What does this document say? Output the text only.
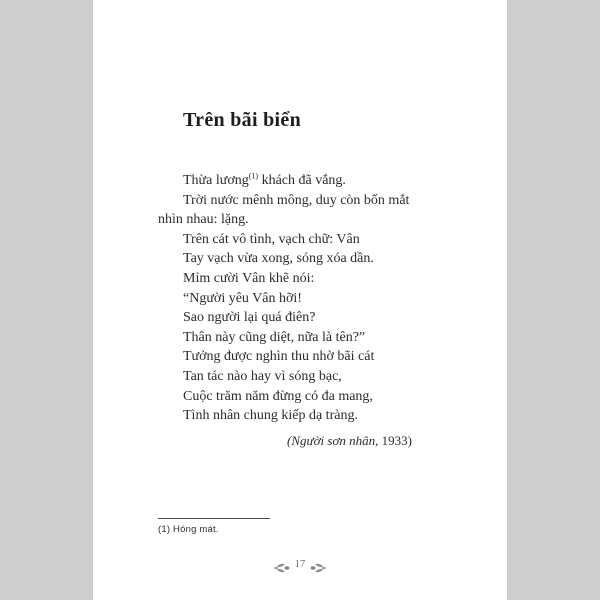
Trên bãi biển

Thừa lương$^{(1)}$ khách đã vắng.

Trời nước mênh mông, duy còn bốn mắt

nhìn nhau: lặng.

Trên cát vô tình, vạch chữ: Vân

Tay vạch vừa xong, sóng xóa dần.

Mỉm cười Vân khẽ nói:

“Người yêu Vân hỡi!

Sao người lại quá điên?

Thân này cũng diệt, nữa là tên?”

Tưởng được nghìn thu nhờ bãi cát

Tan tác nào hay vì sóng bạc,

Cuộc trăm năm đừng có đa mang,

Tình nhân chung kiếp dạ tràng.

(Người sơn nhân, 1933)

(1) Hóng mát.

17
